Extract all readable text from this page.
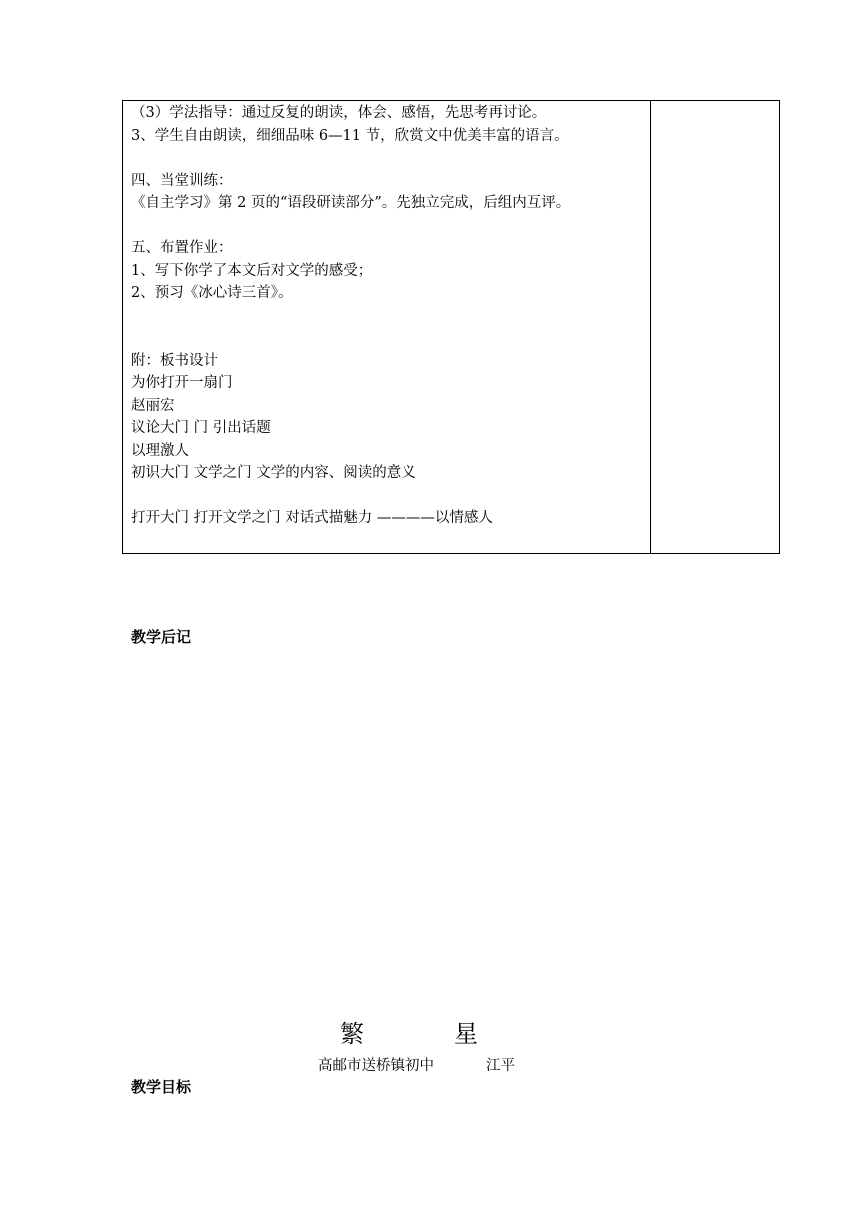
（3）学法指导：通过反复的朗读，体会、感悟，先思考再讨论。
3、学生自由朗读，细细品味 6—11 节，欣赏文中优美丰富的语言。
四、当堂训练：
《自主学习》第 2 页的“语段研读部分”。先独立完成，后组内互评。
五、布置作业：
1、写下你学了本文后对文学的感受；
2、预习《冰心诗三首》。
附：板书设计
为你打开一扇门
赵丽宏
议论大门 门 引出话题
以理激人
初识大门 文学之门 文学的内容、阅读的意义
打开大门 打开文学之门 对话式描魅力 ————以情感人
教学后记
繁	星
高邮市送桥镇初中	江平
教学目标
